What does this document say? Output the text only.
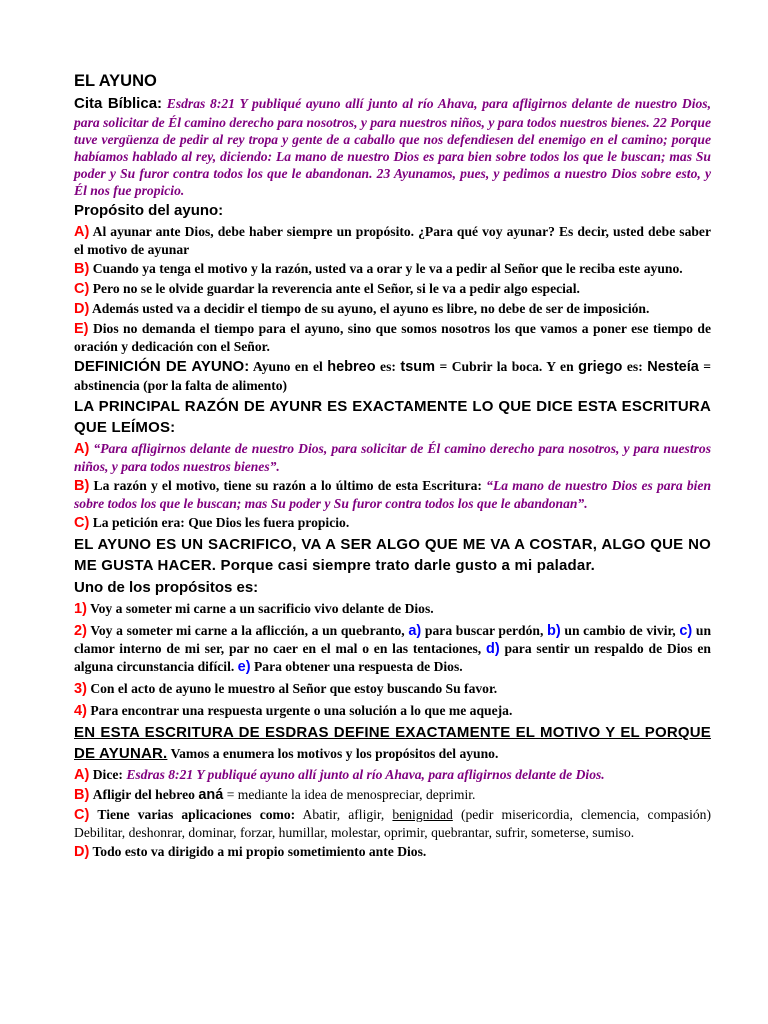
EL AYUNO

Cita Bíblica: Esdras 8:21 Y publiqué ayuno allí junto al río Ahava, para afligirnos delante de nuestro Dios, para solicitar de Él camino derecho para nosotros, y para nuestros niños, y para todos nuestros bienes. 22 Porque tuve vergüenza de pedir al rey tropa y gente de a caballo que nos defendiesen del enemigo en el camino; porque habíamos hablado al rey, diciendo: La mano de nuestro Dios es para bien sobre todos los que le buscan; mas Su poder y Su furor contra todos los que le abandonan. 23 Ayunamos, pues, y pedimos a nuestro Dios sobre esto, y Él nos fue propicio.

Propósito del ayuno:

A) Al ayunar ante Dios, debe haber siempre un propósito. ¿Para qué voy ayunar? Es decir, usted debe saber el motivo de ayunar

B) Cuando ya tenga el motivo y la razón, usted va a orar y le va a pedir al Señor que le reciba este ayuno.

C) Pero no se le olvide guardar la reverencia ante el Señor, si le va a pedir algo especial.

D) Además usted va a decidir el tiempo de su ayuno, el ayuno es libre, no debe de ser de imposición.

E) Dios no demanda el tiempo para el ayuno, sino que somos nosotros los que vamos a poner ese tiempo de oración y dedicación con el Señor.

DEFINICIÓN DE AYUNO: Ayuno en el hebreo es: tsum = Cubrir la boca. Y en griego es: Nesteía = abstinencia (por la falta de alimento)

LA PRINCIPAL RAZÓN DE AYUNR ES EXACTAMENTE LO QUE DICE ESTA ESCRITURA QUE LEÍMOS:

A) “Para afligirnos delante de nuestro Dios, para solicitar de Él camino derecho para nosotros, y para nuestros niños, y para todos nuestros bienes”.

B) La razón y el motivo, tiene su razón a lo último de esta Escritura: “La mano de nuestro Dios es para bien sobre todos los que le buscan; mas Su poder y Su furor contra todos los que le abandonan”.

C) La petición era: Que Dios les fuera propicio.

EL AYUNO ES UN SACRIFICO, VA A SER ALGO QUE ME VA A COSTAR, ALGO QUE NO ME GUSTA HACER. Porque casi siempre trato darle gusto a mi paladar.

Uno de los propósitos es:

1) Voy a someter mi carne a un sacrificio vivo delante de Dios.

2) Voy a someter mi carne a la aflicción, a un quebranto, a) para buscar perdón, b) un cambio de vivir, c) un clamor interno de mi ser, par no caer en el mal o en las tentaciones, d) para sentir un respaldo de Dios en alguna circunstancia difícil. e) Para obtener una respuesta de Dios.

3) Con el acto de ayuno le muestro al Señor que estoy buscando Su favor.

4) Para encontrar una respuesta urgente o una solución a lo que me aqueja.

EN ESTA ESCRITURA DE ESDRAS DEFINE EXACTAMENTE EL MOTIVO Y EL PORQUE DE AYUNAR. Vamos a enumera los motivos y los propósitos del ayuno.

A) Dice: Esdras 8:21 Y publiqué ayuno allí junto al río Ahava, para afligirnos delante de Dios.

B) Afligir del hebreo aná = mediante la idea de menospreciar, deprimir.

C) Tiene varias aplicaciones como: Abatir, afligir, benignidad (pedir misericordia, clemencia, compasión) Debilitar, deshonrar, dominar, forzar, humillar, molestar, oprimir, quebrantar, sufrir, someterse, sumiso.

D) Todo esto va dirigido a mi propio sometimiento ante Dios.
